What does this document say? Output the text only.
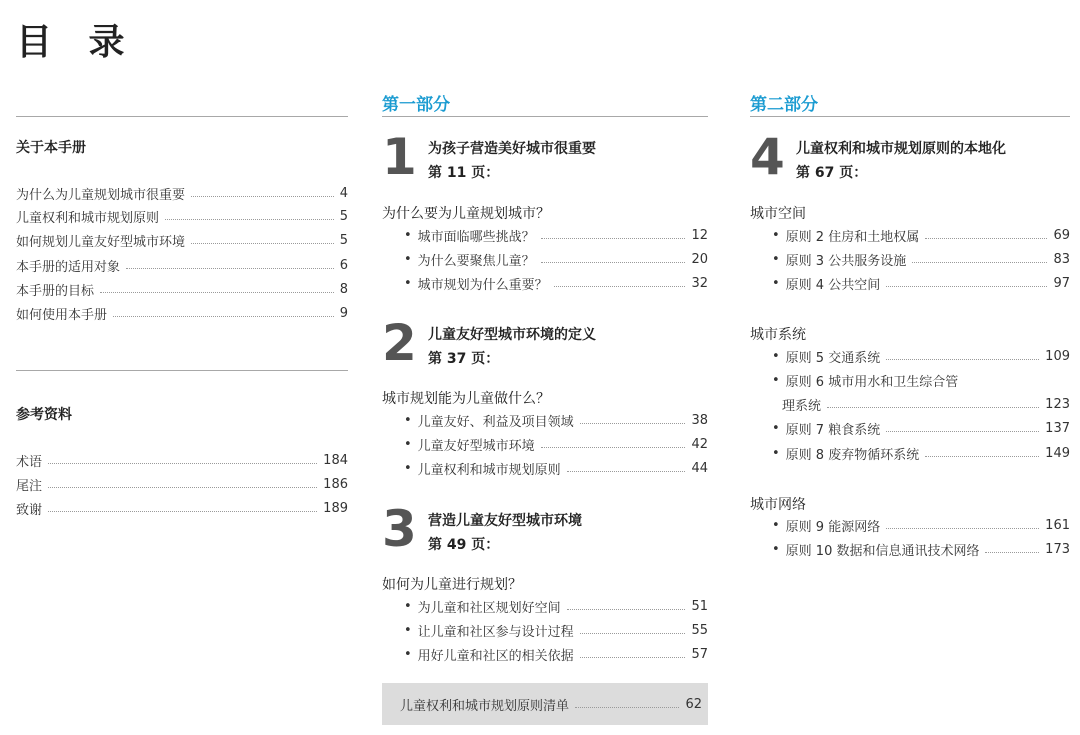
目 录
关于本手册
为什么为儿童规划城市很重要	4
儿童权利和城市规划原则	5
如何规划儿童友好型城市环境	5
本手册的适用对象	6
本手册的目标	8
如何使用本手册	9
参考资料
术语	184
尾注	186
致谢	189
第一部分
1 为孩子营造美好城市很重要
第 11 页：
为什么要为儿童规划城市？
• 城市面临哪些挑战？	12
• 为什么要聚焦儿童？	20
• 城市规划为什么重要？	32
2 儿童友好型城市环境的定义
第 37 页：
城市规划能为儿童做什么？
• 儿童友好、利益及项目领域	38
• 儿童友好型城市环境	42
• 儿童权利和城市规划原则	44
3 营造儿童友好型城市环境
第 49 页：
如何为儿童进行规划？
• 为儿童和社区规划好空间	51
• 让儿童和社区参与设计过程	55
• 用好儿童和社区的相关依据	57
儿童权利和城市规划原则清单	62
第二部分
4 儿童权利和城市规划原则的本地化
第 67 页：
城市空间
• 原则 2 住房和土地权属	69
• 原则 3 公共服务设施	83
• 原则 4 公共空间	97
城市系统
• 原则 5 交通系统	109
• 原则 6 城市用水和卫生综合管
理系统	123
• 原则 7 粮食系统	137
• 原则 8 废弃物循环系统	149
城市网络
• 原则 9 能源网络	161
• 原则 10 数据和信息通讯技术网络	173
